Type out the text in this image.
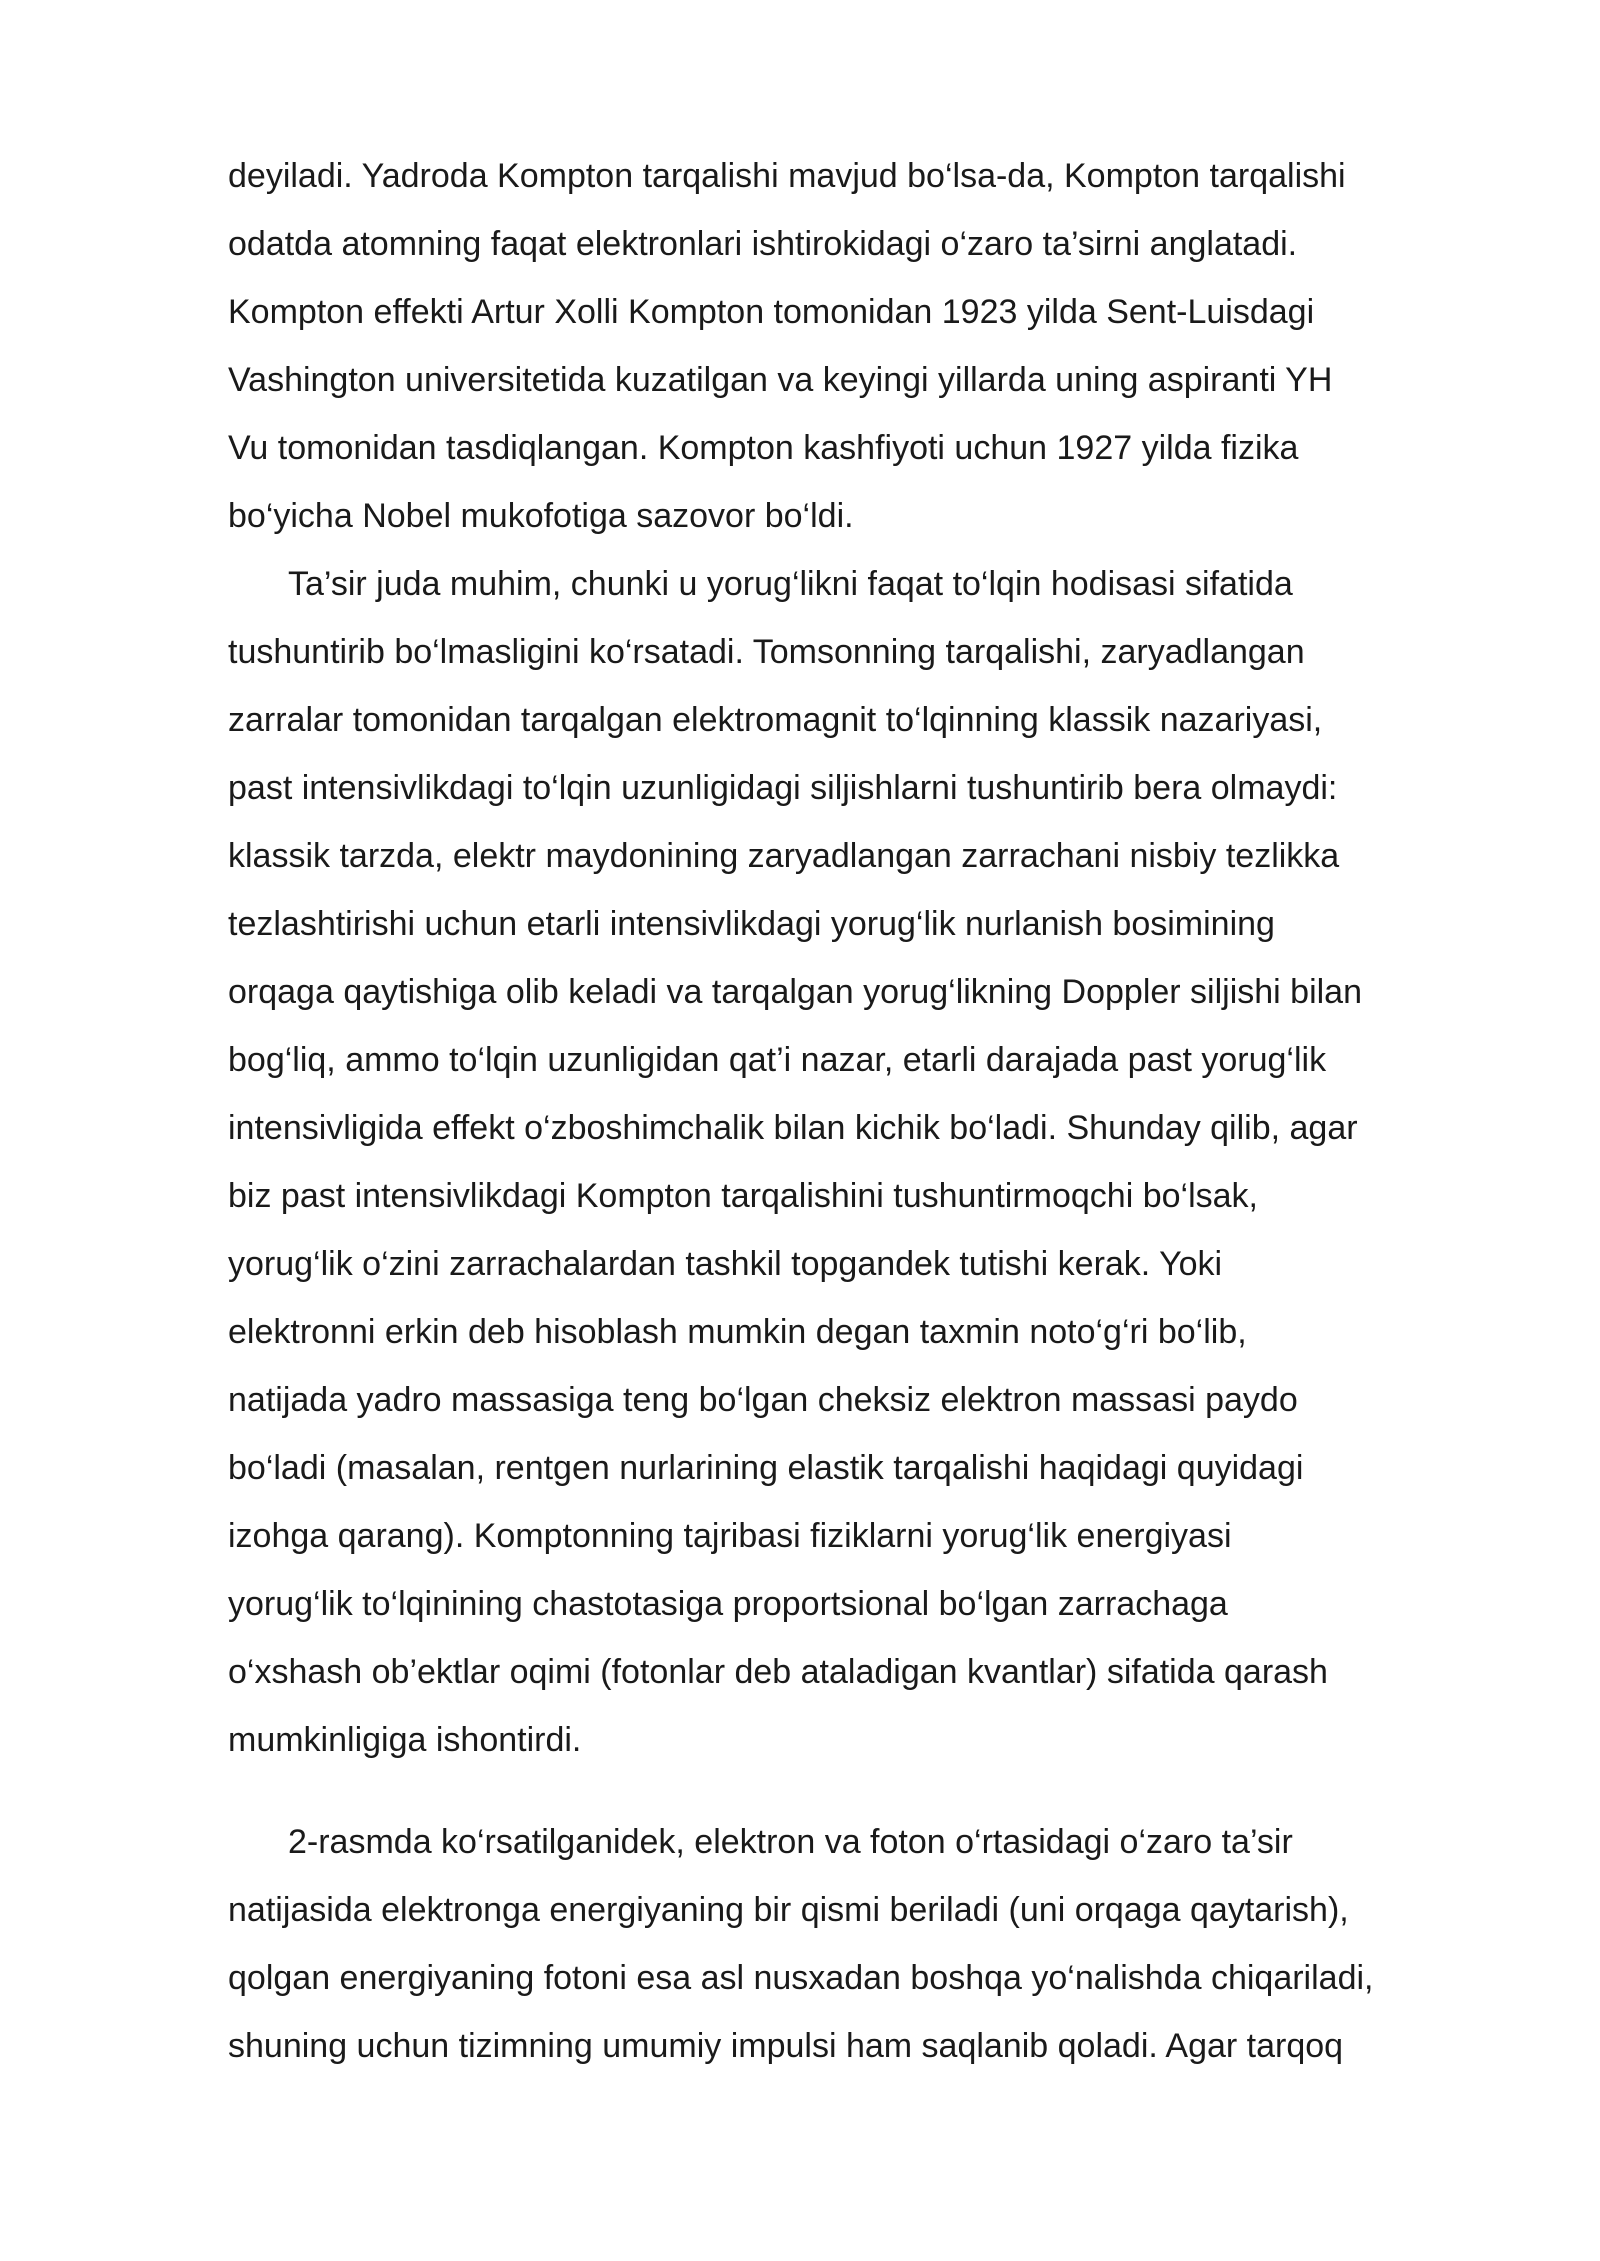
deyiladi. Yadroda Kompton tarqalishi mavjud bo‘lsa-da, Kompton tarqalishi
odatda atomning faqat elektronlari ishtirokidagi o‘zaro ta’sirni anglatadi.
Kompton effekti Artur Xolli Kompton tomonidan 1923 yilda Sent-Luisdagi
Vashington universitetida kuzatilgan va keyingi yillarda uning aspiranti YH
Vu tomonidan tasdiqlangan. Kompton kashfiyoti uchun 1927 yilda fizika
bo‘yicha Nobel mukofotiga sazovor bo‘ldi.
Ta’sir juda muhim, chunki u yorug‘likni faqat to‘lqin hodisasi sifatida
tushuntirib bo‘lmasligini ko‘rsatadi. Tomsonning tarqalishi, zaryadlangan
zarralar tomonidan tarqalgan elektromagnit to‘lqinning klassik nazariyasi,
past intensivlikdagi to‘lqin uzunligidagi siljishlarni tushuntirib bera olmaydi:
klassik tarzda, elektr maydonining zaryadlangan zarrachani nisbiy tezlikka
tezlashtirishi uchun etarli intensivlikdagi yorug‘lik nurlanish bosimining
orqaga qaytishiga olib keladi va tarqalgan yorug‘likning Doppler siljishi bilan
bog‘liq, ammo to‘lqin uzunligidan qat’i nazar, etarli darajada past yorug‘lik
intensivligida effekt o‘zboshimchalik bilan kichik bo‘ladi. Shunday qilib, agar
biz past intensivlikdagi Kompton tarqalishini tushuntirmoqchi bo‘lsak,
yorug‘lik o‘zini zarrachalardan tashkil topgandek tutishi kerak. Yoki
elektronni erkin deb hisoblash mumkin degan taxmin noto‘g‘ri bo‘lib,
natijada yadro massasiga teng bo‘lgan cheksiz elektron massasi paydo
bo‘ladi (masalan, rentgen nurlarining elastik tarqalishi haqidagi quyidagi
izohga qarang). Komptonning tajribasi fiziklarni yorug‘lik energiyasi
yorug‘lik to‘lqinining chastotasiga proportsional bo‘lgan zarrachaga
o‘xshash ob’ektlar oqimi (fotonlar deb ataladigan kvantlar) sifatida qarash
mumkinligiga ishontirdi.
2-rasmda ko‘rsatilganidek, elektron va foton o‘rtasidagi o‘zaro ta’sir
natijasida elektronga energiyaning bir qismi beriladi (uni orqaga qaytarish),
qolgan energiyaning fotoni esa asl nusxadan boshqa yo‘nalishda chiqariladi,
shuning uchun tizimning umumiy impulsi ham saqlanib qoladi. Agar tarqoq
